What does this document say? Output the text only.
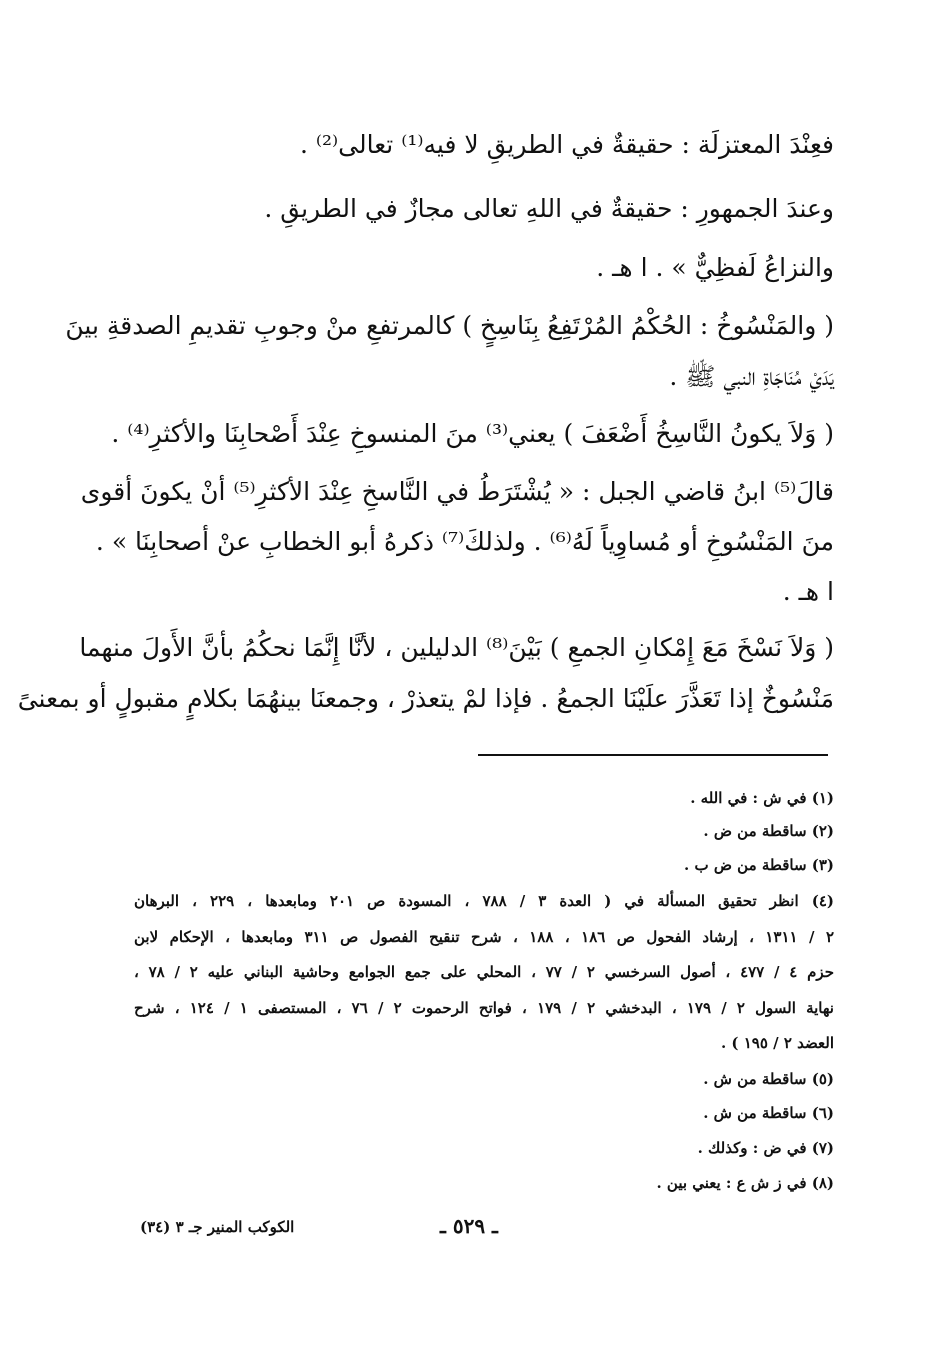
فعِنْدَ المعتزلَة : حقيقةٌ في الطريقِ لا فيه⁽¹⁾ تعالى⁽²⁾ .
وعندَ الجمهورِ : حقيقةٌ في اللهِ تعالى مجازٌ في الطريقِ .
والنزاعُ لَفظِيٌّ » . ا هـ .
( والمَنْسُوخُ : الحُكْمُ المُرْتَفِعُ بِنَاسِخٍ ) كالمرتفعِ منْ وجوبِ تقديمِ الصدقةِ بينَ
يَدَيْ مُنَاجَاةِ النبي ﷺ .
( وَلاَ يكونُ النَّاسِخُ أَضْعَفَ ) يعني⁽³⁾ منَ المنسوخِ عِنْدَ أَصْحابِنَا والأكثرِ⁽⁴⁾ .
قالَ⁽⁵⁾ ابنُ قاضي الجبل : « يُشْتَرَطُ في النَّاسخِ عِنْدَ الأكثرِ⁽⁵⁾ أنْ يكونَ أقوى
منَ المَنْسُوخِ أو مُساوِياً لَهُ⁽⁶⁾ . ولذلكَ⁽⁷⁾ ذكرهُ أبو الخطابِ عنْ أصحابِنَا » .
ا هـ .
( وَلاَ نَسْخَ مَعَ إِمْكانِ الجمعِ ) بَيْنَ⁽⁸⁾ الدليلين ، لأنَّا إِنَّمَا نحكُمُ بأنَّ الأَولَ منهما
مَنْسُوخٌ إذا تَعَذَّرَ علَيْنَا الجمعُ . فإذا لمْ يتعذرْ ، وجمعنَا بينهُمَا بكلامٍ مقبولٍ أو بمعنىً
(١) في ش : في الله .
(٢) ساقطة من ض .
(٣) ساقطة من ض ب .
(٤) انظر تحقيق المسألة في ( العدة ٣ / ٧٨٨ ، المسودة ص ٢٠١ ومابعدها ، ٢٢٩ ، البرهان
٢ / ١٣١١ ، إرشاد الفحول ص ١٨٦ ، ١٨٨ ، شرح تنقيح الفصول ص ٣١١ ومابعدها ، الإحكام لابن
حزم ٤ / ٤٧٧ ، أصول السرخسي ٢ / ٧٧ ، المحلي على جمع الجوامع وحاشية البناني عليه ٢ / ٧٨ ،
نهاية السول ٢ / ١٧٩ ، البدخشي ٢ / ١٧٩ ، فواتح الرحموت ٢ / ٧٦ ، المستصفى ١ / ١٢٤ ، شرح
العضد ٢ / ١٩٥ ) .
(٥) ساقطة من ش .
(٦) ساقطة من ش .
(٧) في ض : وكذلك .
(٨) في ز ش ع : يعني بين .
الكوكب المنير جـ ٣ (٣٤)	ـ ٥٢٩ ـ
